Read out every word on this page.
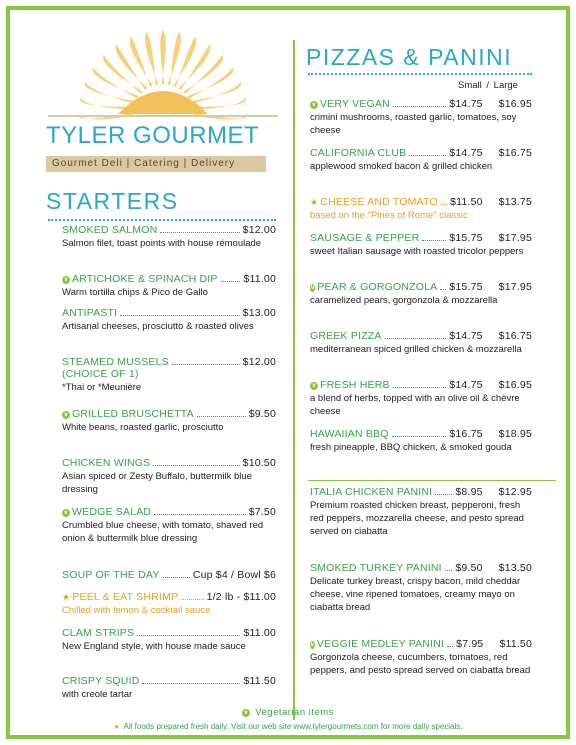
TYLER GOURMET
Gourmet Deli | Catering | Delivery
STARTERS
SMOKED SALMON	$12.00
Salmon filet, toast points with house rémoulade
v ARTICHOKE & SPINACH DIP $11.00
Warm tortilla chips & Pico de Gallo
ANTIPASTI	$13.00
Artisanal cheeses, prosciutto & roasted olives
STEAMED MUSSELS	$12.00
(CHOICE OF 1)
*Thai or *Meunière
v GRILLED BRUSCHETTA	$9.50
White beans, roasted garlic, prosciutto
CHICKEN WINGS	$10.50
Asian spiced or Zesty Buffalo, buttermilk blue dressing
v WEDGE SALAD	$7.50
Crumbled blue cheese, with tomato, shaved red onion & buttermilk blue dressing
SOUP OF THE DAY	Cup $4 / Bowl $6
★ PEEL & EAT SHRIMP	1/2 lb - $11.00
Chilled with lemon & cocktail sauce
CLAM STRIPS	$11.00
New England style, with house made sauce
CRISPY SQUID	$11.50
with creole tartar
PIZZAS & PANINI
Small / Large
v VERY VEGAN	$14.75 $16.95
crimini mushrooms, roasted garlic, tomatoes, soy cheese
CALIFORNIA CLUB	$14.75 $16.75
applewood smoked bacon & grilled chicken
★ CHEESE AND TOMATO $11.50 $13.75
based on the "Pines of Rome" classic
SAUSAGE & PEPPER	$15.75 $17.95
sweet Italian sausage with roasted tricolor peppers
v PEAR & GORGONZOLA $15.75 $17.95
caramelized pears, gorgonzola & mozzarella
GREEK PIZZA	$14.75 $16.75
mediterranean spiced grilled chicken & mozzarella
v FRESH HERB	$14.75 $16.95
a blend of herbs, topped with an olive oil & chèvre cheese
HAWAIIAN BBQ	$16.75 $18.95
fresh pineapple, BBQ chicken, & smoked gouda
ITALIA CHICKEN PANINI $8.95 $12.95
Premium roasted chicken breast, pepperoni, fresh red peppers, mozzarella cheese, and pesto spread served on ciabatta
SMOKED TURKEY PANINI $9.50 $13.50
Delicate turkey breast, crispy bacon, mild cheddar cheese, vine ripened tomatoes, creamy mayo on ciabatta bread
v VEGGIE MEDLEY PANINI $7.95 $11.50
Gorgonzola cheese, cucumbers, tomatoes, red peppers, and pesto spread served on ciabatta bread
v Vegetarian items
★ All foods prepared fresh daily. Visit our web site www.tylergourmets.com for more daily specials.
